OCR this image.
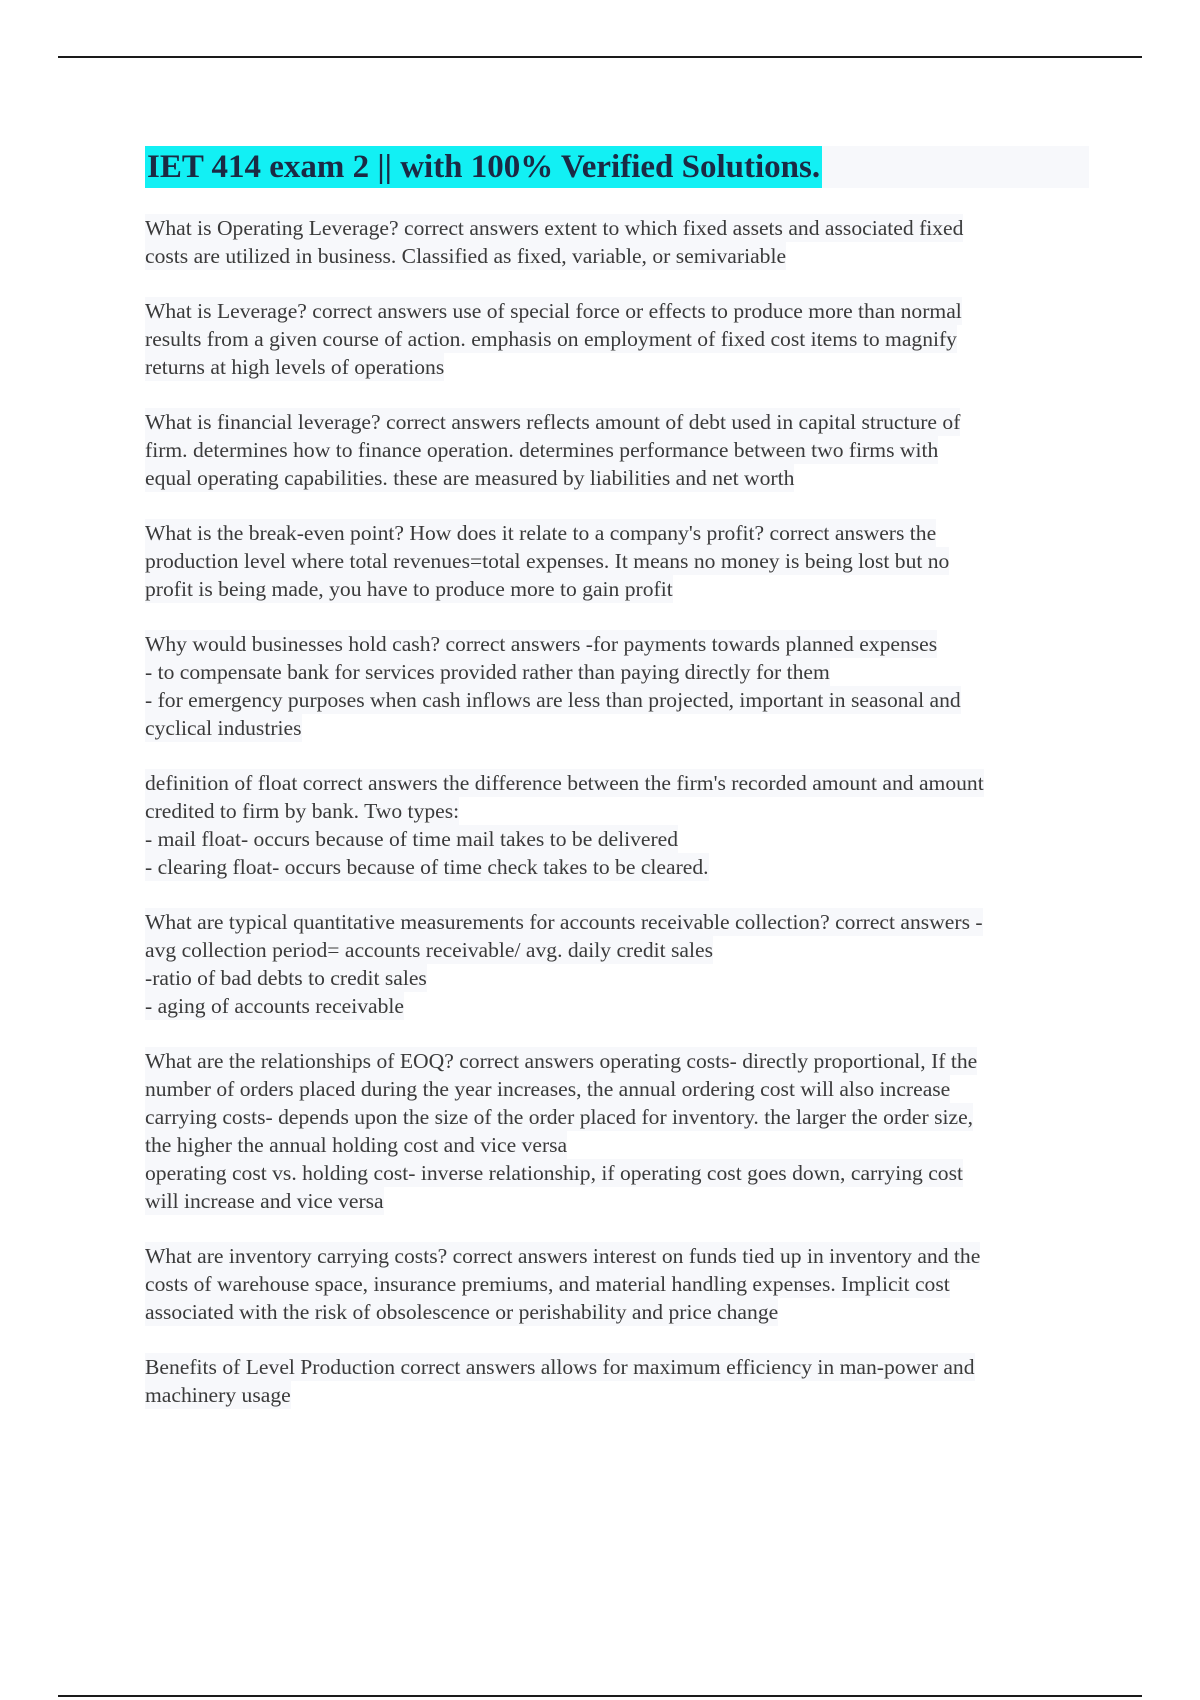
IET 414 exam 2 || with 100% Verified Solutions.
What is Operating Leverage? correct answers extent to which fixed assets and associated fixed
costs are utilized in business. Classified as fixed, variable, or semivariable
What is Leverage? correct answers use of special force or effects to produce more than normal
results from a given course of action. emphasis on employment of fixed cost items to magnify
returns at high levels of operations
What is financial leverage? correct answers reflects amount of debt used in capital structure of
firm. determines how to finance operation. determines performance between two firms with
equal operating capabilities. these are measured by liabilities and net worth
What is the break-even point? How does it relate to a company's profit? correct answers the
production level where total revenues=total expenses. It means no money is being lost but no
profit is being made, you have to produce more to gain profit
Why would businesses hold cash? correct answers -for payments towards planned expenses
- to compensate bank for services provided rather than paying directly for them
- for emergency purposes when cash inflows are less than projected, important in seasonal and
cyclical industries
definition of float correct answers the difference between the firm's recorded amount and amount
credited to firm by bank. Two types:
- mail float- occurs because of time mail takes to be delivered
- clearing float- occurs because of time check takes to be cleared.
What are typical quantitative measurements for accounts receivable collection? correct answers -
avg collection period= accounts receivable/ avg. daily credit sales
-ratio of bad debts to credit sales
- aging of accounts receivable
What are the relationships of EOQ? correct answers operating costs- directly proportional, If the
number of orders placed during the year increases, the annual ordering cost will also increase
carrying costs- depends upon the size of the order placed for inventory. the larger the order size,
the higher the annual holding cost and vice versa
operating cost vs. holding cost- inverse relationship, if operating cost goes down, carrying cost
will increase and vice versa
What are inventory carrying costs? correct answers interest on funds tied up in inventory and the
costs of warehouse space, insurance premiums, and material handling expenses. Implicit cost
associated with the risk of obsolescence or perishability and price change
Benefits of Level Production correct answers allows for maximum efficiency in man-power and
machinery usage
